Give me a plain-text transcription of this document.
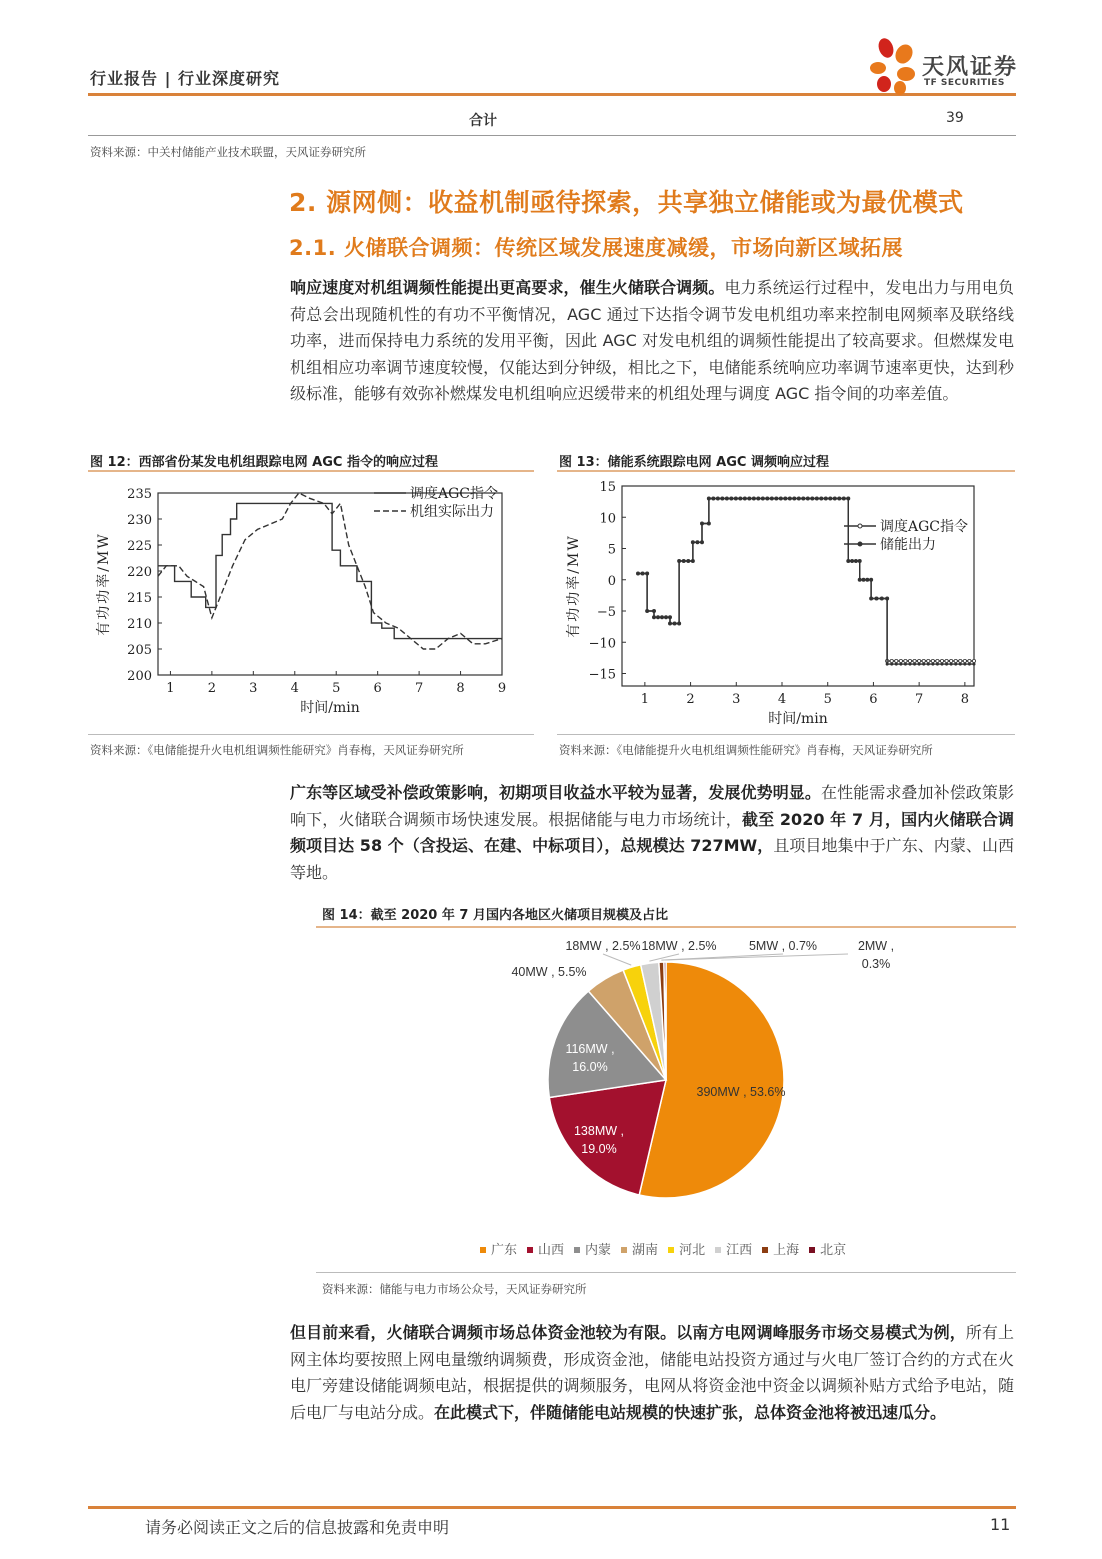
行业报告 | 行业深度研究	天风证券
TF SECURITIES
合计	39
资料来源：中关村储能产业技术联盟，天风证券研究所
2. 源网侧：收益机制亟待探索，共享独立储能或为最优模式
2.1. 火储联合调频：传统区域发展速度减缓，市场向新区域拓展
响应速度对机组调频性能提出更高要求，催生火储联合调频。电力系统运行过程中，发电出力与用电负荷总会出现随机性的有功不平衡情况，AGC 通过下达指令调节发电机组功率来控制电网频率及联络线功率，进而保持电力系统的发用平衡，因此 AGC 对发电机组的调频性能提出了较高要求。但燃煤发电机组相应功率调节速度较慢，仅能达到分钟级，相比之下，电储能系统响应功率调节速率更快，达到秒级标准，能够有效弥补燃煤发电机组响应迟缓带来的机组处理与调度 AGC 指令间的功率差值。
图 12：西部省份某发电机组跟踪电网 AGC 指令的响应过程	图 13：储能系统跟踪电网 AGC 调频响应过程
1	2	3	4	5	6	7	8	9
200
205
210
215
220
225
230
235
时间/min
有功功率/MW
调度AGC指令
机组实际出力
1	2	3	4	5	6	7	8
−15
−10
−5
0
5
10
15
时间/min
有功功率/MW
调度AGC指令
储能出力
资料来源：《电储能提升火电机组调频性能研究》肖春梅，天风证券研究所	资料来源：《电储能提升火电机组调频性能研究》肖春梅，天风证券研究所
广东等区域受补偿政策影响，初期项目收益水平较为显著，发展优势明显。在性能需求叠加补偿政策影响下，火储联合调频市场快速发展。根据储能与电力市场统计，截至 2020 年 7 月，国内火储联合调频项目达 58 个（含投运、在建、中标项目），总规模达 727MW，且项目地集中于广东、内蒙、山西等地。
图 14：截至 2020 年 7 月国内各地区火储项目规模及占比
390MW , 53.6%
138MW , 19.0%
116MW , 16.0%
40MW , 5.5%
18MW , 2.5% 18MW , 2.5%	5MW , 0.7%	2MW , 0.3%
广东 山西 内蒙 湖南 河北 江西 上海 北京
资料来源：储能与电力市场公众号，天风证券研究所
但目前来看，火储联合调频市场总体资金池较为有限。以南方电网调峰服务市场交易模式为例，所有上网主体均要按照上网电量缴纳调频费，形成资金池，储能电站投资方通过与火电厂签订合约的方式在火电厂旁建设储能调频电站，根据提供的调频服务，电网从将资金池中资金以调频补贴方式给予电站，随后电厂与电站分成。在此模式下，伴随储能电站规模的快速扩张，总体资金池将被迅速瓜分。
请务必阅读正文之后的信息披露和免责申明	11
